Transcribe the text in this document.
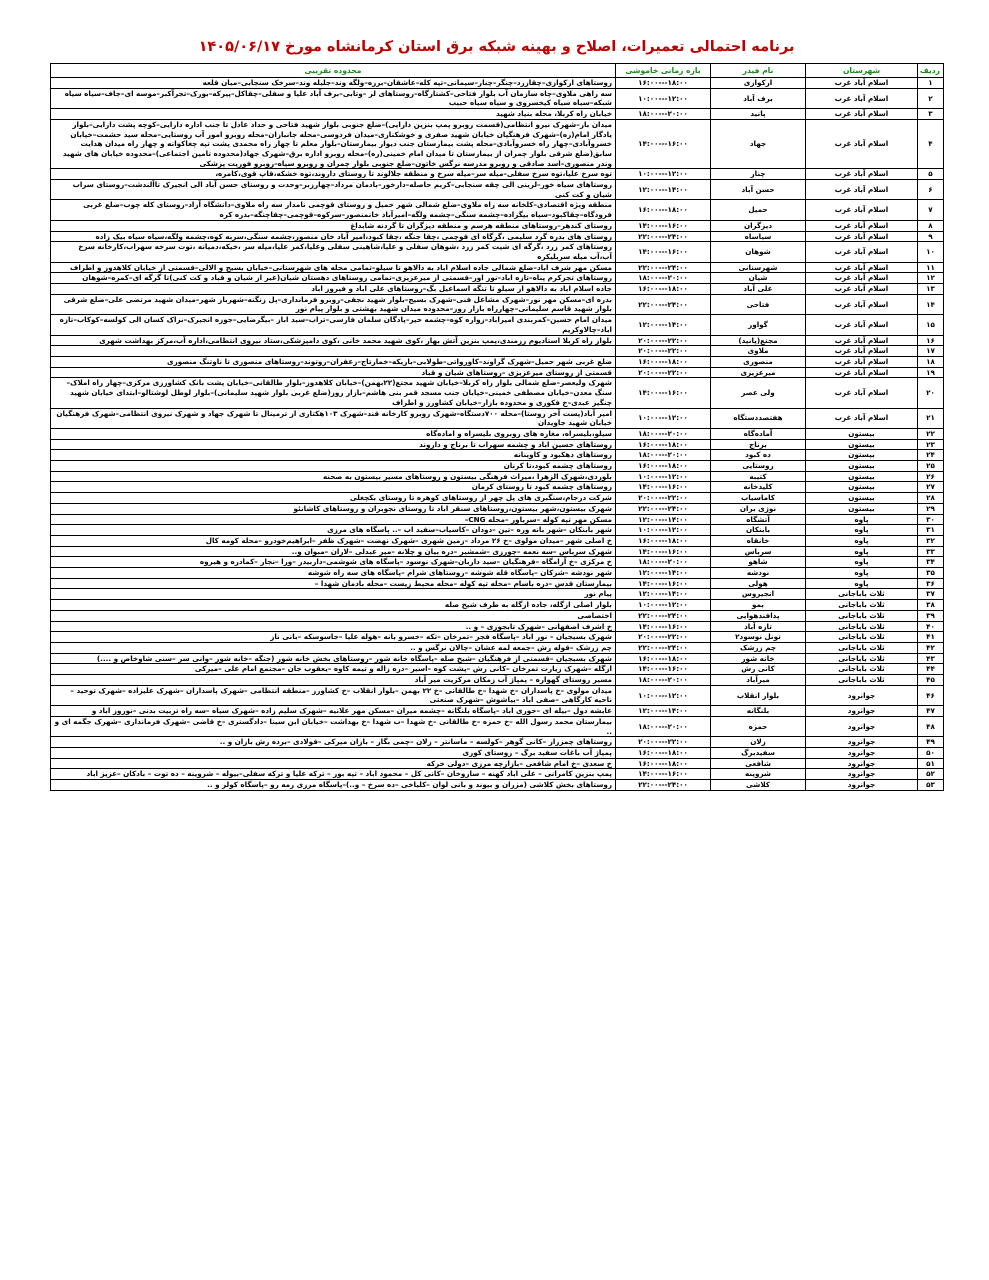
برنامه احتمالی تعمیرات، اصلاح و بهینه شبکه برق استان کرمانشاه مورخ ۱۴۰۵/۰۶/۱۷
ردیف	شهرستان	نام فیدر	بازه زمانی خاموشی	محدوده تقریبی
۱	اسلام آباد غرب	ارکوازی	۱۶:۰۰---۱۸:۰۰	روستاهای ارکوازی–چقازرد–چنگر–چنار–سیمانی–تپه کله–عاشقان–برزه–ولگه وند–جلیله وند–سرخک سنجابی–میان قلعه
۲	اسلام آباد غرب	برف آباد	۱۰:۰۰---۱۲:۰۰	سه راهی ملاوی–چاه سازمان آب بلوار فتاحی–کشتارگاه–روستاهای لر –وتابی–برف آباد علیا و سفلی–چقاکل–پیرکه–بورک–تجرآکبر–موسه ای–جاف–سیاه سیاه شبکه–سیاه سیاه کیخسروی و سیاه سیاه حبیب
۳	اسلام آباد غرب	پانید	۱۸:۰۰---۲۰:۰۰	خیابان راه کربلا، محله بنیاد شهید
۴	اسلام آباد غرب	جهاد	۱۴:۰۰---۱۶:۰۰	میدان بار–شهرک نیرو انتظامی(قسمت روبرو پمپ بنزین دارایی)–ضلع جنوبی بلوار شهید فتاحی و حداد عادل تا جنب اداره دارایی–کوچه پشت دارایی–بلوار یادگار امام(ره)–شهرک فرهنگیان خیابان شهید صفری و خوشکناری–میدان فردوسی–محله جانبازان–محله روبرو امور آب روستایی–محله سید حشمت–خیابان خسروآبادی–چهار راه خسروآبادی–محله پشت بیمارستان جنب دیوار بیمارستان–بلوار معلم تا چهار راه محمدی پشت تپه چغاکوانه و چهار راه میدان هدایت سابق(ضلع شرقی بلوار چمران از بیمارستان تا میدان امام خمینی(ره)–محله روبرو اداره برق–شهرک جهاد(محدوده تامین اجتماعی)–محدوده خیابان های شهید وندر منصوری–اسد صادقی و روبرو مدرسه نرگس خاتون–ضلع جنوبی بلوار چمران و روبرو سپاه–روبرو فوریت پزشکی
۵	اسلام آباد غرب	چنار	۱۰:۰۰---۱۲:۰۰	توه سرخ علیا،توه سرخ سفلی–میله سر–میله سرخ و منطقه جلالوند تا روستای داروند،توه خشکه،قاپ قوی،کامره،
۶	اسلام آباد غرب	حسن آباد	۱۲:۰۰---۱۴:۰۰	روستاهای سیاه خور–لرینی الی چقه سنجابی–کریم حاصله–دارخور–بادمان مرداد–چهارزبر–وحدت و روستای حسن آباد الی انجیرک تاآلندشت–روستای سراب شیان و کت کنی
۷	اسلام آباد غرب	حمیل	۱۶:۰۰---۱۸:۰۰	منطقه ویژه اقتصادی–کلخانه سه راه ملاوی–ضلع شمالی شهر حمیل و روستای قوچمی نامدار سه راه ملاوی–دانشگاه آزاد–روستای کله چوب–ضلع غربی فرودگاه–چقاکبود–سیاه بیگزاده–چشمه سنگی–چشمه ولگه–امیرآباد خانمنصور–سرکوه–قوچمی–چقاچنگه–بدره کره
۸	اسلام آباد غرب	دیزگران	۱۴:۰۰---۱۶:۰۰	روستای کندهر–روستاهای منطقه هرسم و منطقه دیزگران تا گردنه شابداغ
۹	اسلام آباد غرب	سیاساه	۲۲:۰۰---۲۴:۰۰	روستای های بدره گرد سلیمی ،گرگاه ای قوچمی ،چقا جنگه ،چقا کبود،امیر آباد خان منصور،چشمه سنگی،سربه کوه،چشمه ولگه،سیاه سیاه بیک زاده
۱۰	اسلام آباد غرب	شوهان	۱۴:۰۰---۱۶:۰۰	روستاهای کمر زرد ،گرگه ای شیت کمر زرد ،شوهان سفلی و علیا،شاهینی سفلی وعلیا،کمر علیا،میله سر ،خیکه،دمیانه ،توت سرخه سهراب،کارخانه سرخ آب،آب میله سربلیکره
۱۱	اسلام آباد غرب	شهرستانی	۲۲:۰۰---۲۴:۰۰	مسکن مهر شرف اباد–ضلع شمالی جاده اسلام اباد به دالاهو تا سیلو–تمامی محله های شهرستانی–خیابان بسیج و الالی–قسمتی از خیابان کلاهدوز و اطراف
۱۲	اسلام آباد غرب	شیان	۱۸:۰۰---۲۰:۰۰	روستاهای تجرکرم پناه–تازه اباد–نور اور–قسمتی از میرعزیزی–تمامی روستاهای دهستان شیان(غیر از شیان و قباد و کت کنی)تا گرگه ای–کمره–شوهان
۱۳	اسلام آباد غرب	علی آباد	۱۶:۰۰---۱۸:۰۰	جاده اسلام اباد به دالاهو از سیلو تا تنگه اسماعیل بگ–روستاهای علی اباد و فیروز اباد
۱۴	اسلام آباد غرب	فتاحی	۲۲:۰۰---۲۴:۰۰	بدره ای–مسکن مهر نور–شهرک مشاغل فنی–شهرک بسیج–بلوار شهید نجفی–روبرو فرمانداری–پل زنگنه–شهرباز شهر–میدان شهید مرتضی علی–ضلع شرقی بلوار شهید قاسم سلیمانی–چهارراه بازار روز–محدوده میدان شهید بهشتی و بلوار پیام نور
۱۵	اسلام آباد غرب	گواور	۱۲:۰۰---۱۴:۰۰	میدان امام حسین–کمربندی امیراباد–زواره کوه–چشمه حیر–پادگان سلمان فارسی–تراب–سید اباز –بیگرضایی–جوزه انجیرک–نزاک کسان الی کولسه–کوکاب–تازه اباد–چالاوکریم
۱۶	اسلام آباد غرب	مجتع(پانید)	۲۰:۰۰---۲۲:۰۰	بلوار راه کربلا استادیوم رزمندی،پمپ بنزین آتش بهار ،کوی شهید محمد خانی ،کوی دامپزشکی،ستاد نیروی انتظامی،اداره آب،مرکز بهداشت شهری
۱۷	اسلام آباد غرب	ملاوی	۲۰:۰۰---۲۲:۰۰	
۱۸	اسلام آباد غرب	منصوری	۱۶:۰۰---۱۸:۰۰	ضلع غربی شهر حمیل–شهرک گراوند–کاورواتی–طولابی–باریکه–خمارتاج–زعفران–روتوند–روستاهای منصوری تا ناوتنگ منصوری
۱۹	اسلام آباد غرب	میرعزیزی	۲۰:۰۰---۲۲:۰۰	قسمتی از روستای میرعزیزی –روستاهای شیان و قباد
۲۰	اسلام آباد غرب	ولی عصر	۱۴:۰۰---۱۶:۰۰	شهرک ولیعصر–ضلع شمالی بلوار راه کربلا–خیابان شهید مجتع(۲۲بهمن)–خیابان کلاهدوز–بلوار طالقانی–خیابان پشت بانک کشاورزی مرکزی–چهار راه املاک–سنگ معدن–خیابان مصطفی خمینی–خیابان جنب مسجد قمر بنی هاشم–بازار روز(ضلع غربی بلوار شهید سلیمانی)–بلوار لوطل لوشتالو–ابتدای خیابان شهید چنگیز عبدی–خ فکوری و محدوده بازار–خیابان کشاورز و اطراف
۲۱	اسلام آباد غرب	هفتصددستگاه	۱۰:۰۰---۱۲:۰۰	امیر آباد(پست آخر روستا)–محله ۷۰۰دستگاه–شهرک روبرو کارخانه قند–شهرک ۱۰۳هکتاری از ترمینال تا شهرک جهاد و شهرک نیروی انتظامی–شهرک فرهنگیان خیابان شهید جاویدان
۲۲	بیستون	آماده‌گاه	۱۸:۰۰---۲۰:۰۰	سیلو،بلیسراه، مغازه های روبروی بلیسراه و اماده‌گاه
۲۳	بیستون	برناج	۱۶:۰۰---۱۸:۰۰	روستاهای حسین اباد و چشمه سهراب تا برناج و داروند
۲۴	بیستون	ده کبود	۱۸:۰۰---۲۰:۰۰	روستاهای دهکبود و کاوینانه
۲۵	بیستون	روستایی	۱۶:۰۰---۱۸:۰۰	روستاهای چشمه کبود،تا کرنان
۲۶	بیستون	کتیبه	۱۰:۰۰---۱۲:۰۰	بلوردی،شهرک الزهرا ،میراث فرهنگی بیستون و روستاهای مسیر بیستون به صحنه
۲۷	بیستون	کلیدخانه	۱۴:۰۰---۱۶:۰۰	روستاهای چشمه کبود تا روستای کرمان
۲۸	بیستون	کاماسیاب	۲۰:۰۰---۲۲:۰۰	شرکت درجام،سنگبری های پل چهر از روستاهای کوهره تا روستای بکچغلی
۲۹	بیستون	نوژی بران	۲۲:۰۰---۲۴:۰۰	شهرک بیستون،شهر بیستون،روستاهای سنقر اباد تا روستای نجوبران و روستاهای کاشانئو
۳۰	پاوه	آتشگاه	۱۲:۰۰---۱۴:۰۰	مسکن مهر تپه کوله –سرباور –محله CNG–
۳۱	پاوه	بابنکان	۱۰:۰۰---۱۲:۰۰	شهر بابنکان –شهر بانه وره –تین –دودان –کاسیاب–سفید اب –.. پاسگاه های مرزی
۳۲	پاوه	خانقاه	۱۶:۰۰---۱۸:۰۰	خ اصلی شهر –میدان مولوی –خ ۲۶ مرداد –زمین شهری –شهرک نهضت –شهرک ظفر –ابراهیم‌خودرو –محله کومه کال
۳۳	پاوه	سرباس	۱۴:۰۰---۱۶:۰۰	شهرک سرباس –سه نعمه –چورزی –شمشیر –دره بیان و چلانه –میر عبدلی –لاران –مبوان و..
۳۴	پاوه	شاهو	۱۸:۰۰---۲۰:۰۰	خ مرکزی –خ آرامگاه –فرهنگیان –سید داربان–شهرک نوسود –پاسگاه های شوشمی–داربیدر –ورا –نجار –کمادره و هیروه
۳۵	پاوه	نودشه	۱۲:۰۰---۱۴:۰۰	شهر نودشه –شرکان –پاسگاه قله شوشه –روستاهای شرام –پاسگاه های سه راه شوشه
۳۶	پاوه	هولی	۱۴:۰۰---۱۶:۰۰	بیمارستان قدس –دره باسام –محله تپه کوله –محله محیط زیست –محله بادمان شهدا –
۳۷	ثلاث باباجانی	انجیروس	۱۲:۰۰---۱۴:۰۰	پیام نور
۳۸	ثلاث باباجانی	بمو	۱۰:۰۰---۱۲:۰۰	بلوار اصلی ازگله، جاده ازگله به طرف شیخ صله
۳۹	ثلاث باباجانی	پدافندهوایی	۲۲:۰۰---۲۴:۰۰	اختصاصی
۴۰	ثلاث باباجانی	تازه آباد	۱۴:۰۰---۱۶:۰۰	خ اشرف اصفهانی –شهرک تابجوزی – و ..
۴۱	ثلاث باباجانی	تونل نوسود۲	۲۰:۰۰---۲۲:۰۰	شهرک بسیجیان – نور اباد –پاسگاه فجر –تمرخان –تکه –خسرو بانه –هوله علیا –جاسوسکه –بانی ناز
۴۲	ثلاث باباجانی	چم زرشک	۲۲:۰۰---۲۴:۰۰	چم زرشک –قوله رش –جمعه لمه عشان –چالان نرگس و ..
۴۳	ثلاث باباجانی	خانه شور	۱۶:۰۰---۱۸:۰۰	شهرک بسیجیان –قسمتی از فرهنگیان –شیخ صله –پاسگاه خانه شور –روستاهای بخش خانه شور (جنگه –خانه شور –وانی سر –سنی شاوخاص و ....)
۴۴	ثلاث باباجانی	کانی رش	۱۴:۰۰---۱۶:۰۰	ازگله –شهرک زیارت تمرخان –کانی رش –پشت کوه –اسیر –دره زاله و تیمه کاوه –یعقوب جان –مجتمع امام علی –میرکی
۴۵	ثلاث باباجانی	میرآباد	۱۸:۰۰---۲۰:۰۰	مسیر روستای گهواره – پمپاژ آب زمکان مرکزیت میر آباد
۴۶	جوانرود	بلوار انقلاب	۱۰:۰۰---۱۲:۰۰	میدان مولوی –خ پاسداران –خ شهدا –خ طالقانی –خ ۲۲ بهمن –بلوار انقلاب –خ کشاورز –منطقه انتظامی –شهرک پاسداران –شهرک علیزاده –شهرک توحید –ناحیه کارگاهی –صفی اباد –بیاشوش –شهرک صنعتی
۴۷	جوانرود	بلنگانه	۱۲:۰۰---۱۴:۰۰	عابشه دول –بیله ای –حوری اباد –پاسگاه بلنگانه –چشمه میران –مسکن مهر علانیه –شهرک سلیم زاده –شهرک سیاه –سه راه تربیت بدنی –نوروز اباد و
۴۸	جوانرود	حمزه	۱۸:۰۰---۲۰:۰۰	بیمارستان محمد رسول الله –خ حمزه –خ طالقانی –خ شهدا –ب شهدا –خ بهداشت –خیابان ابن سینا –دادگستری –خ قاضی –شهرک فرمانداری –شهرک جگمه ای و ..
۴۹	جوانرود	زلان	۲۰:۰۰---۲۲:۰۰	روستاهای چمزرار –کانی گوهر –کولسه – ماسانتر – زلان –چمی بگار – بازان میرکی –فولادی –برده رش بازان و ..
۵۰	جوانرود	سفیدبرگ	۱۶:۰۰---۱۸:۰۰	پمپاژ آب باغات سفید برگ – روستای کوری
۵۱	جوانرود	شافعی	۱۶:۰۰---۱۸:۰۰	خ سعدی –خ امام شافعی –بازارچه مرزی –دولی خرکه
۵۲	جوانرود	شروینه	۱۴:۰۰---۱۶:۰۰	پمپ بنزین کامرانی – علی اباد کهنه – ساروخان –کانی کل – محمود اباد – تپه بور – ترکه علیا و ترکه سفلی–بیوله – شروینه – ده توت – بادکان –عزیز اباد
۵۳	جوانرود	کلاشی	۲۲:۰۰---۲۴:۰۰	روستاهای بخش کلاشی (مزران و بیوند و بانی لوان –کلیاخی –ده سرخ – و..)–پاسگاه مرزی رمه رو –پاسگاه کولر و ..
